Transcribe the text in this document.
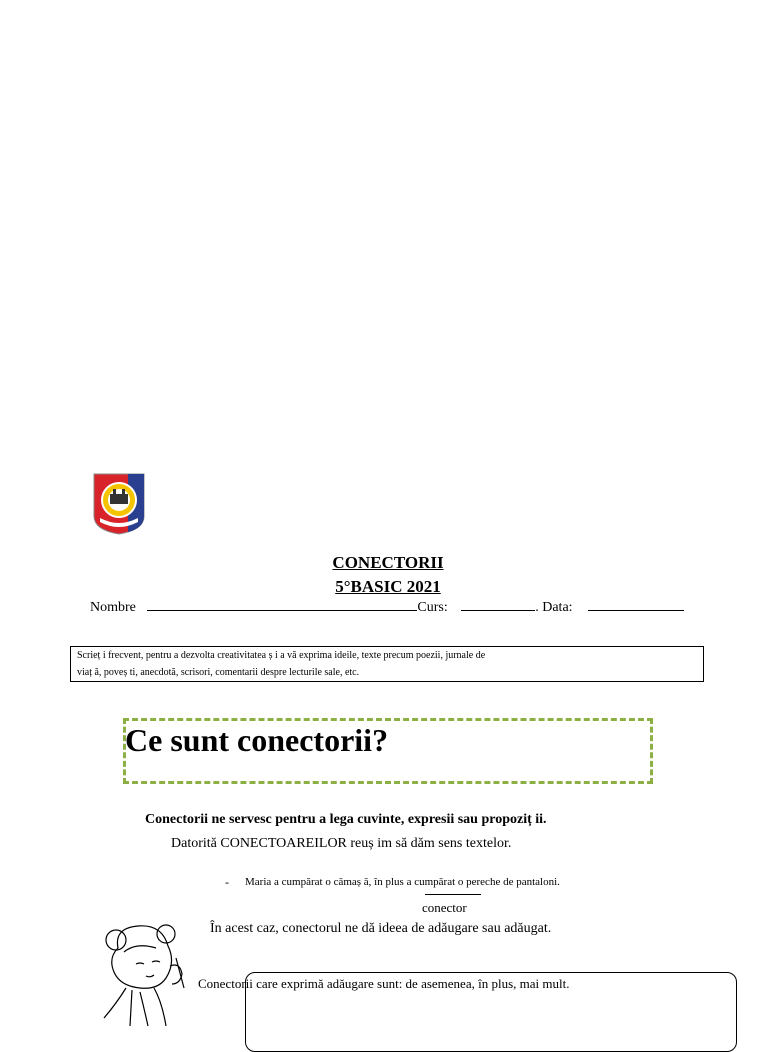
CONECTORII
5°BASIC 2021
Nombre	Curs:	. Data:
Scrieț i frecvent, pentru a dezvolta creativitatea ș i a vă exprima ideile, texte precum poezii, jurnale de
viaț ă, poveș ti, anecdotă, scrisori, comentarii despre lecturile sale, etc.
Ce sunt conectorii?
Conectorii ne servesc pentru a lega cuvinte, expresii sau propoziț ii.
Datorită CONECTOAREILOR reuș im să dăm sens textelor.
- Maria a cumpărat o cămaș ă, în plus a cumpărat o pereche de pantaloni.
conector
În acest caz, conectorul ne dă ideea de adăugare sau adăugat.
Conectorii care exprimă adăugare sunt: de asemenea, în plus, mai mult.
